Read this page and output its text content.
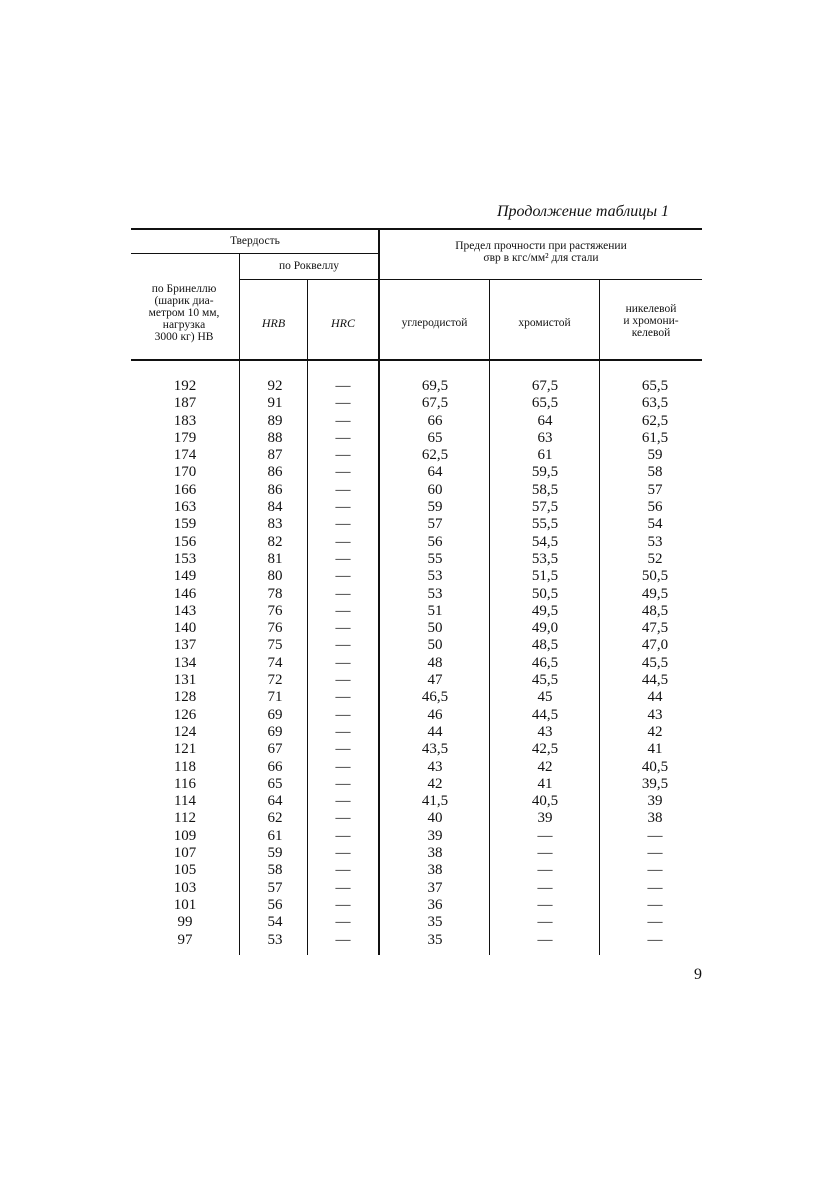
Продолжение таблицы 1
Твердость
по Бринеллю
(шарик диа-
метром 10 мм,
нагрузка
3000 кг) НВ
по Роквеллу
HRB	HRC
Предел прочности при растяжении
σвр в кгс/мм² для стали
углеродистой	хромистой
никелевой
и хромони-
келевой
192
187
183
179
174
170
166
163
159
156
153
149
146
143
140
137
134
131
128
126
124
121
118
116
114
112
109
107
105
103
101
99
97
92
91
89
88
87
86
86
84
83
82
81
80
78
76
76
75
74
72
71
69
69
67
66
65
64
62
61
59
58
57
56
54
53
—
—
—
—
—
—
—
—
—
—
—
—
—
—
—
—
—
—
—
—
—
—
—
—
—
—
—
—
—
—
—
—
—
69,5
67,5
66
65
62,5
64
60
59
57
56
55
53
53
51
50
50
48
47
46,5
46
44
43,5
43
42
41,5
40
39
38
38
37
36
35
35
67,5
65,5
64
63
61
59,5
58,5
57,5
55,5
54,5
53,5
51,5
50,5
49,5
49,0
48,5
46,5
45,5
45
44,5
43
42,5
42
41
40,5
39
—
—
—
—
—
—
—
65,5
63,5
62,5
61,5
59
58
57
56
54
53
52
50,5
49,5
48,5
47,5
47,0
45,5
44,5
44
43
42
41
40,5
39,5
39
38
—
—
—
—
—
—
—
9
